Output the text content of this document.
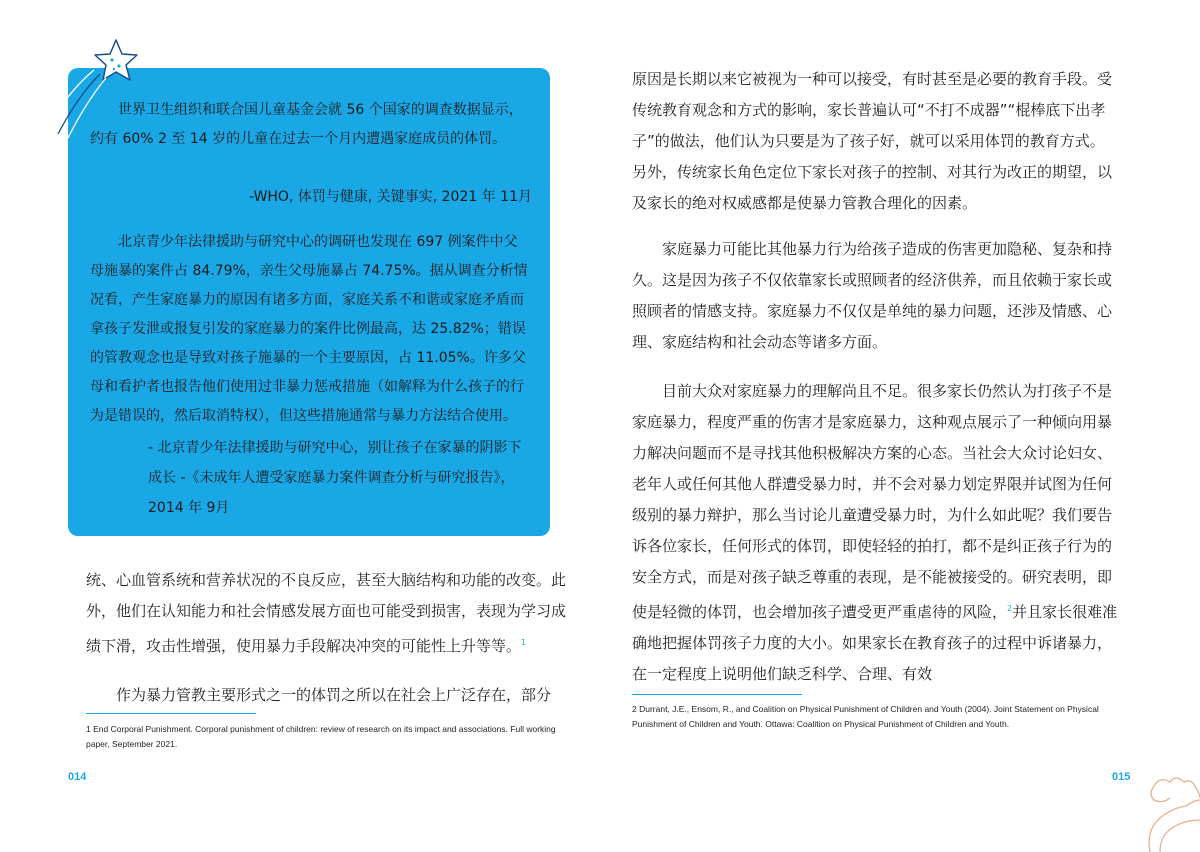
世界卫生组织和联合国儿童基金会就 56 个国家的调查数据显示，约有 60% 2 至 14 岁的儿童在过去一个月内遭遇家庭成员的体罚。

-WHO, 体罚与健康, 关键事实, 2021 年 11月

北京青少年法律援助与研究中心的调研也发现在 697 例案件中父母施暴的案件占 84.79%，亲生父母施暴占 74.75%。据从调查分析情况看，产生家庭暴力的原因有诸多方面，家庭关系不和谐或家庭矛盾而拿孩子发泄或报复引发的家庭暴力的案件比例最高，达 25.82%；错误的管教观念也是导致对孩子施暴的一个主要原因，占 11.05%。许多父母和看护者也报告他们使用过非暴力惩戒措施（如解释为什么孩子的行为是错误的，然后取消特权），但这些措施通常与暴力方法结合使用。

- 北京青少年法律援助与研究中心，别让孩子在家暴的阴影下成长 -《未成年人遭受家庭暴力案件调查分析与研究报告》，2014 年 9月

统、心血管系统和营养状况的不良反应，甚至大脑结构和功能的改变。此外，他们在认知能力和社会情感发展方面也可能受到损害，表现为学习成绩下滑，攻击性增强，使用暴力手段解决冲突的可能性上升等等。$^1$

作为暴力管教主要形式之一的体罚之所以在社会上广泛存在，部分

1 End Corporal Punishment. Corporal punishment of children: review of research on its impact and associations. Full working paper, September 2021.

014

原因是长期以来它被视为一种可以接受，有时甚至是必要的教育手段。受传统教育观念和方式的影响，家长普遍认可“不打不成器”“棍棒底下出孝子”的做法，他们认为只要是为了孩子好，就可以采用体罚的教育方式。另外，传统家长角色定位下家长对孩子的控制、对其行为改正的期望，以及家长的绝对权威感都是使暴力管教合理化的因素。

家庭暴力可能比其他暴力行为给孩子造成的伤害更加隐秘、复杂和持久。这是因为孩子不仅依靠家长或照顾者的经济供养，而且依赖于家长或照顾者的情感支持。家庭暴力不仅仅是单纯的暴力问题，还涉及情感、心理、家庭结构和社会动态等诸多方面。

目前大众对家庭暴力的理解尚且不足。很多家长仍然认为打孩子不是家庭暴力，程度严重的伤害才是家庭暴力，这种观点展示了一种倾向用暴力解决问题而不是寻找其他积极解决方案的心态。当社会大众讨论妇女、老年人或任何其他人群遭受暴力时，并不会对暴力划定界限并试图为任何级别的暴力辩护，那么当讨论儿童遭受暴力时，为什么如此呢？我们要告诉各位家长，任何形式的体罚，即使轻轻的拍打，都不是纠正孩子行为的安全方式，而是对孩子缺乏尊重的表现，是不能被接受的。研究表明，即使是轻微的体罚，也会增加孩子遭受更严重虐待的风险，$^2$并且家长很难准确地把握体罚孩子力度的大小。如果家长在教育孩子的过程中诉诸暴力，在一定程度上说明他们缺乏科学、合理、有效

2 Durrant, J.E., Ensom, R., and Coalition on Physical Punishment of Children and Youth (2004). Joint Statement on Physical Punishment of Children and Youth. Ottawa: Coalition on Physical Punishment of Children and Youth.

015
